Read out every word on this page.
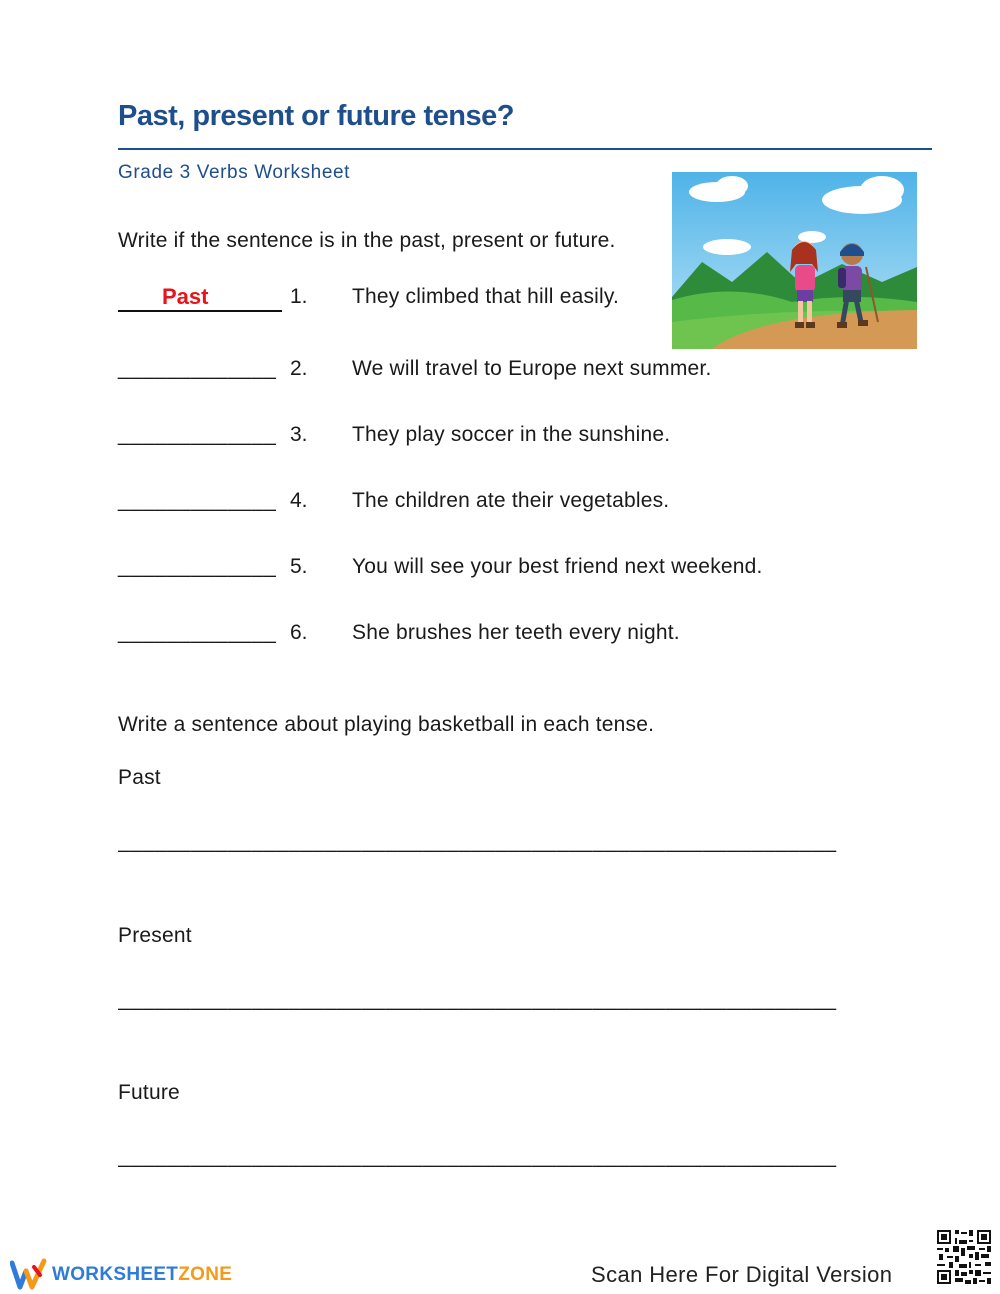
Past, present or future tense?
Grade 3 Verbs Worksheet
Write if the sentence is in the past, present or future.
Past	1. They climbed that hill easily.
_____________ 2. We will travel to Europe next summer.
_____________ 3. They play soccer in the sunshine.
_____________ 4. The children ate their vegetables.
_____________ 5. You will see your best friend next weekend.
_____________ 6. She brushes her teeth every night.
Write a sentence about playing basketball in each tense.
Past
___________________________________________________________
Present
___________________________________________________________
Future
___________________________________________________________
WORKSHEETZONE	Scan Here For Digital Version
